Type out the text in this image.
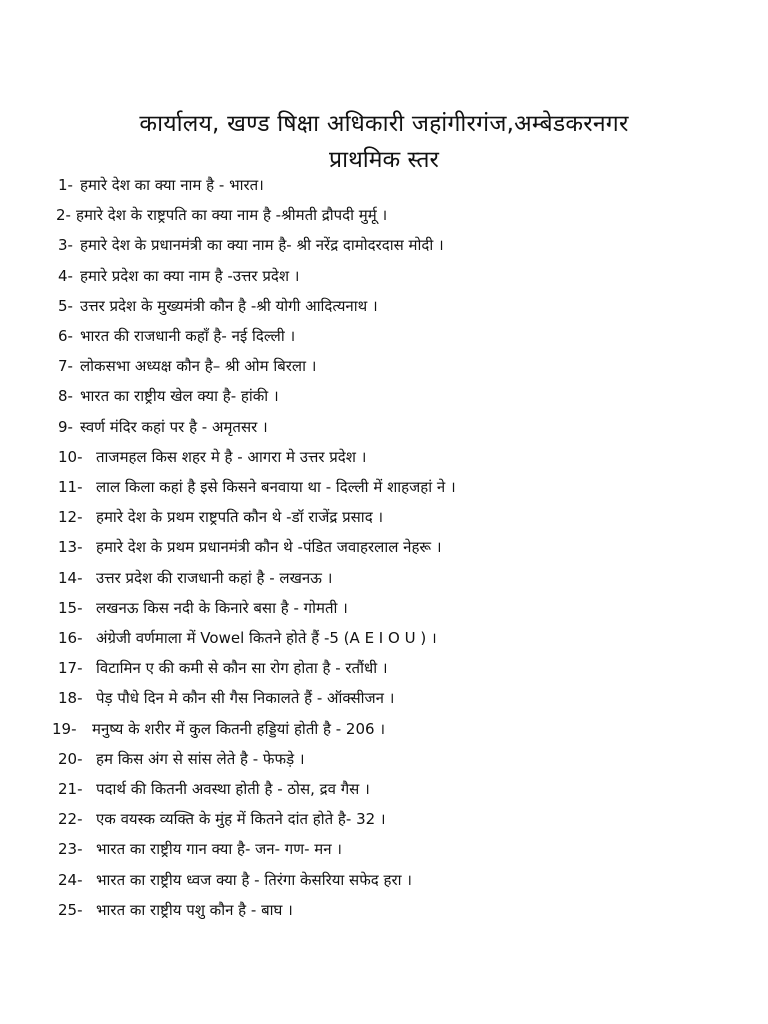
कार्यालय, खण्ड षिक्षा अधिकारी जहांगीरगंज,अम्बेडकरनगर
प्राथमिक स्तर
1- हमारे देश का क्या नाम है - भारत।
2- हमारे देश के राष्ट्रपति का क्या नाम है -श्रीमती द्रौपदी मुर्मू ।
3- हमारे देश के प्रधानमंत्री का क्या नाम है- श्री नरेंद्र दामोदरदास मोदी ।
4- हमारे प्रदेश का क्या नाम है -उत्तर प्रदेश ।
5- उत्तर प्रदेश के मुख्यमंत्री कौन है -श्री योगी आदित्यनाथ ।
6- भारत की राजधानी कहाँ है- नई दिल्ली ।
7- लोकसभा अध्यक्ष कौन है– श्री ओम बिरला ।
8- भारत का राष्ट्रीय खेल क्या है- हांकी ।
9- स्वर्ण मंदिर कहां पर है - अमृतसर ।
10- ताजमहल किस शहर मे है - आगरा मे उत्तर प्रदेश ।
11- लाल किला कहां है इसे किसने बनवाया था - दिल्ली में शाहजहां ने ।
12- हमारे देश के प्रथम राष्ट्रपति कौन थे -डॉ राजेंद्र प्रसाद ।
13- हमारे देश के प्रथम प्रधानमंत्री कौन थे -पंडित जवाहरलाल नेहरू ।
14- उत्तर प्रदेश की राजधानी कहां है - लखनऊ ।
15- लखनऊ किस नदी के किनारे बसा है - गोमती ।
16- अंग्रेजी वर्णमाला में Vowel कितने होते हैं -5 (A E I O U ) ।
17- विटामिन ए की कमी से कौन सा रोग होता है - रतौंधी ।
18- पेड़ पौधे दिन मे कौन सी गैस निकालते हैं - ऑक्सीजन ।
19- मनुष्य के शरीर में कुल कितनी हड्डियां होती है - 206 ।
20- हम किस अंग से सांस लेते है - फेफड़े ।
21- पदार्थ की कितनी अवस्था होती है - ठोस, द्रव गैस ।
22- एक वयस्क व्यक्ति के मुंह में कितने दांत होते है- 32 ।
23- भारत का राष्ट्रीय गान क्या है- जन- गण- मन ।
24- भारत का राष्ट्रीय ध्वज क्या है - तिरंगा केसरिया सफेद हरा ।
25- भारत का राष्ट्रीय पशु कौन है - बाघ ।
